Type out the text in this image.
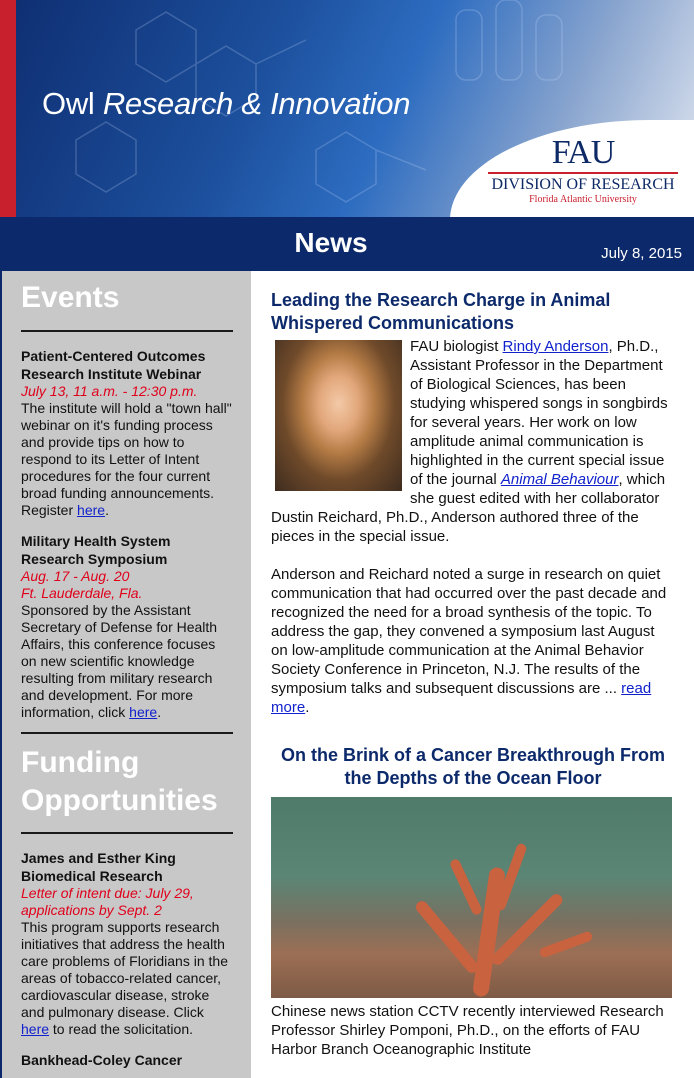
Owl Research & Innovation
FAU
DIVISION OF RESEARCH
Florida Atlantic University
News	July 8, 2015
Events
Patient-Centered Outcomes Research Institute Webinar
July 13, 11 a.m. - 12:30 p.m.
The institute will hold a "town hall" webinar on it's funding process and provide tips on how to respond to its Letter of Intent procedures for the four current broad funding announcements. Register here.
Military Health System Research Symposium
Aug. 17 - Aug. 20
Ft. Lauderdale, Fla.
Sponsored by the Assistant Secretary of Defense for Health Affairs, this conference focuses on new scientific knowledge resulting from military research and development. For more information, click here.
Funding Opportunities
James and Esther King Biomedical Research
Letter of intent due: July 29, applications by Sept. 2
This program supports research initiatives that address the health care problems of Floridians in the areas of tobacco-related cancer, cardiovascular disease, stroke and pulmonary disease. Click here to read the solicitation.
Bankhead-Coley Cancer
Leading the Research Charge in Animal Whispered Communications
FAU biologist Rindy Anderson, Ph.D., Assistant Professor in the Department of Biological Sciences, has been studying whispered songs in songbirds for several years. Her work on low amplitude animal communication is highlighted in the current special issue of the journal Animal Behaviour, which she guest edited with her collaborator Dustin Reichard, Ph.D., Anderson authored three of the pieces in the special issue.
Anderson and Reichard noted a surge in research on quiet communication that had occurred over the past decade and recognized the need for a broad synthesis of the topic. To address the gap, they convened a symposium last August on low-amplitude communication at the Animal Behavior Society Conference in Princeton, N.J. The results of the symposium talks and subsequent discussions are ... read more.
On the Brink of a Cancer Breakthrough From the Depths of the Ocean Floor
Chinese news station CCTV recently interviewed Research Professor Shirley Pomponi, Ph.D., on the efforts of FAU Harbor Branch Oceanographic Institute
